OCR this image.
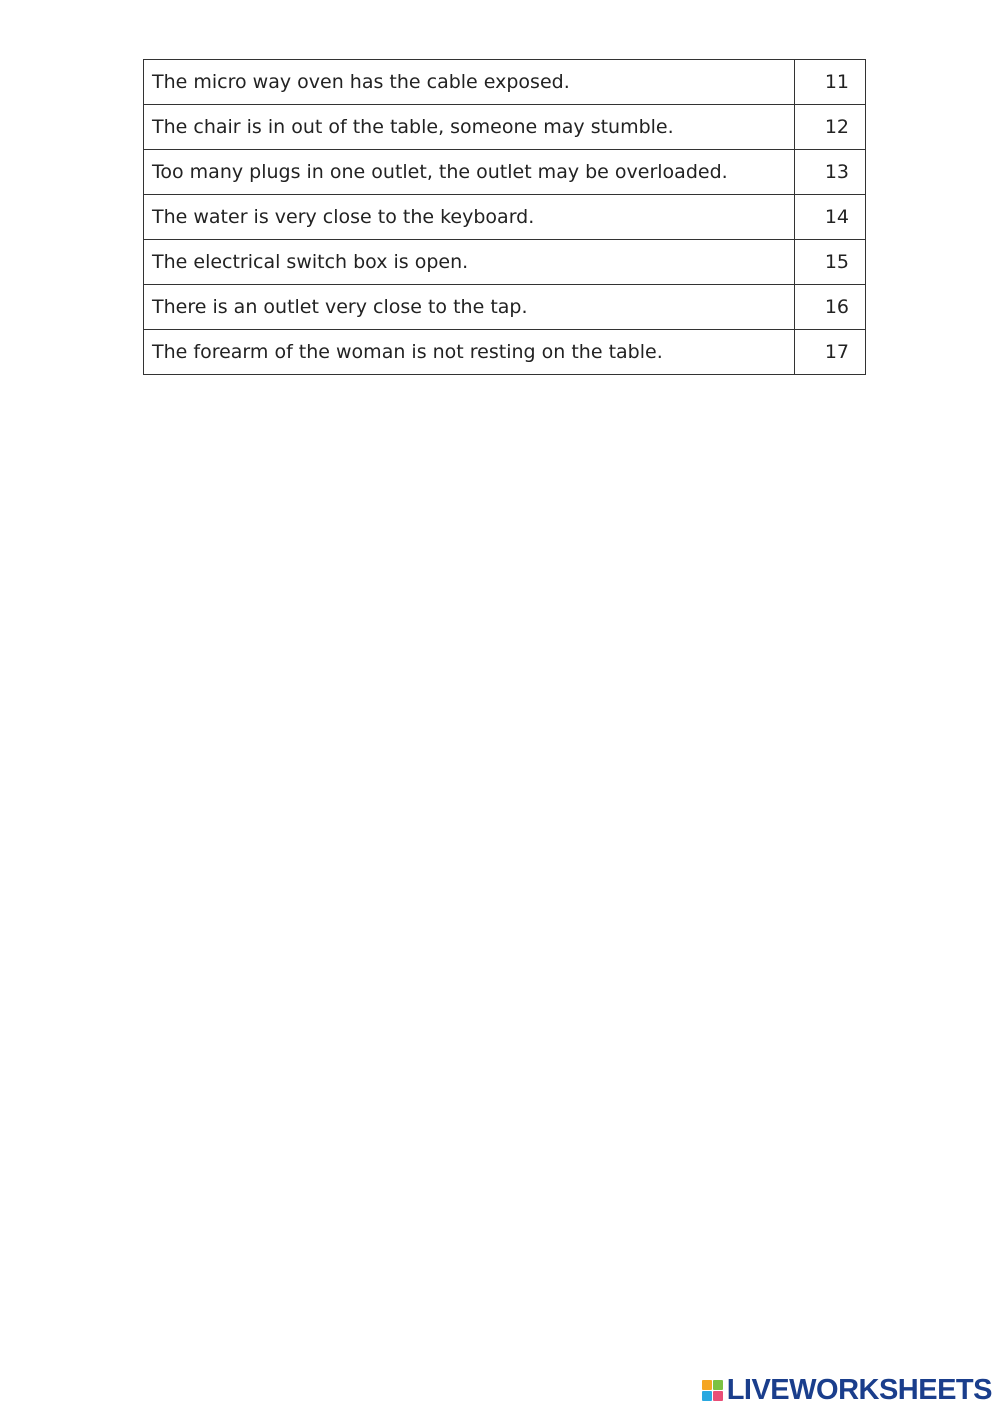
The micro way oven has the cable exposed.	11
The chair is in out of the table, someone may stumble.	12
Too many plugs in one outlet, the outlet may be overloaded.	13
The water is very close to the keyboard.	14
The electrical switch box is open.	15
There is an outlet very close to the tap.	16
The forearm of the woman is not resting on the table.	17
LIVEWORKSHEETS
